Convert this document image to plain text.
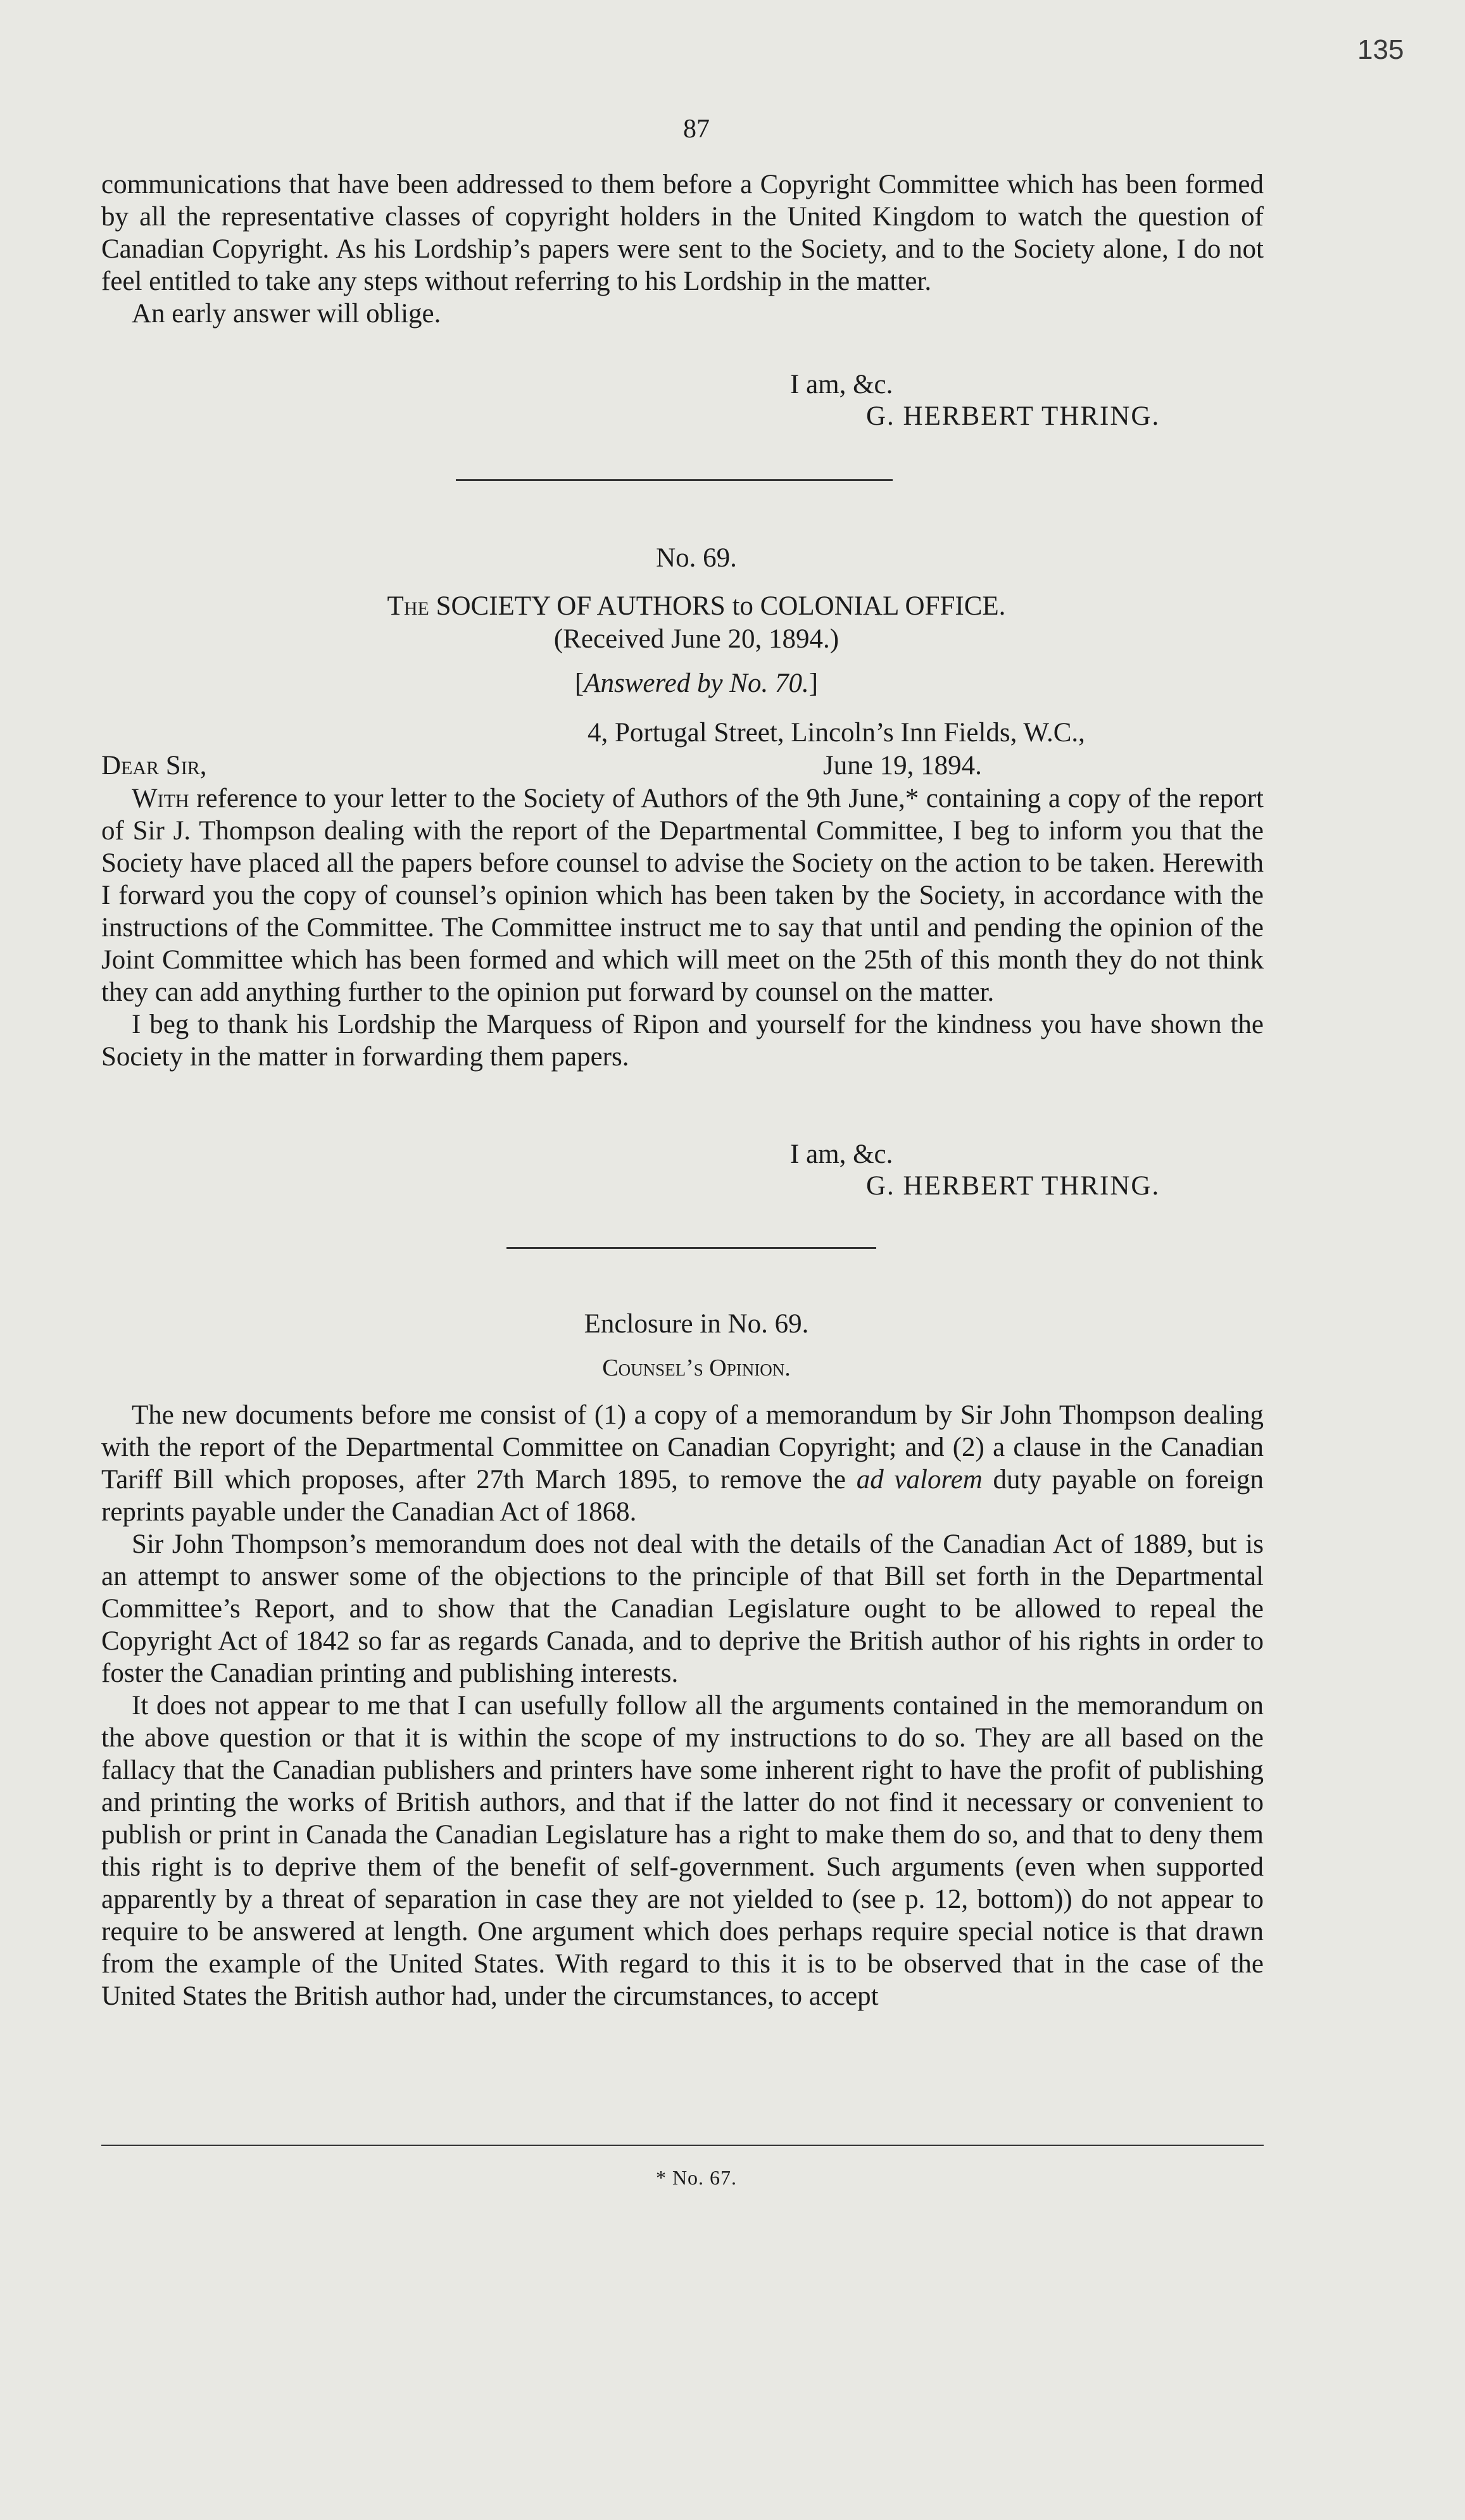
135
87

communications that have been addressed to them before a Copyright Committee which has been formed by all the representative classes of copyright holders in the United Kingdom to watch the question of Canadian Copyright. As his Lordship’s papers were sent to the Society, and to the Society alone, I do not feel entitled to take any steps without referring to his Lordship in the matter.

An early answer will oblige.

I am, &c.
G. HERBERT THRING.
No. 69.
The SOCIETY OF AUTHORS to COLONIAL OFFICE.
(Received June 20, 1894.)
[Answered by No. 70.]
4, Portugal Street, Lincoln’s Inn Fields, W.C.,
Dear Sir,	June 19, 1894.

With reference to your letter to the Society of Authors of the 9th June,* containing a copy of the report of Sir J. Thompson dealing with the report of the Departmental Committee, I beg to inform you that the Society have placed all the papers before counsel to advise the Society on the action to be taken. Herewith I forward you the copy of counsel’s opinion which has been taken by the Society, in accordance with the instructions of the Committee. The Committee instruct me to say that until and pending the opinion of the Joint Committee which has been formed and which will meet on the 25th of this month they do not think they can add anything further to the opinion put forward by counsel on the matter.

I beg to thank his Lordship the Marquess of Ripon and yourself for the kindness you have shown the Society in the matter in forwarding them papers.

I am, &c.
G. HERBERT THRING.
Enclosure in No. 69.
Counsel’s Opinion.

The new documents before me consist of (1) a copy of a memorandum by Sir John Thompson dealing with the report of the Departmental Committee on Canadian Copyright; and (2) a clause in the Canadian Tariff Bill which proposes, after 27th March 1895, to remove the ad valorem duty payable on foreign reprints payable under the Canadian Act of 1868.

Sir John Thompson’s memorandum does not deal with the details of the Canadian Act of 1889, but is an attempt to answer some of the objections to the principle of that Bill set forth in the Departmental Committee’s Report, and to show that the Canadian Legislature ought to be allowed to repeal the Copyright Act of 1842 so far as regards Canada, and to deprive the British author of his rights in order to foster the Canadian printing and publishing interests.

It does not appear to me that I can usefully follow all the arguments contained in the memorandum on the above question or that it is within the scope of my instructions to do so. They are all based on the fallacy that the Canadian publishers and printers have some inherent right to have the profit of publishing and printing the works of British authors, and that if the latter do not find it necessary or convenient to publish or print in Canada the Canadian Legislature has a right to make them do so, and that to deny them this right is to deprive them of the benefit of self-government. Such arguments (even when supported apparently by a threat of separation in case they are not yielded to (see p. 12, bottom)) do not appear to require to be answered at length. One argument which does perhaps require special notice is that drawn from the example of the United States. With regard to this it is to be observed that in the case of the United States the British author had, under the circumstances, to accept

* No. 67.
